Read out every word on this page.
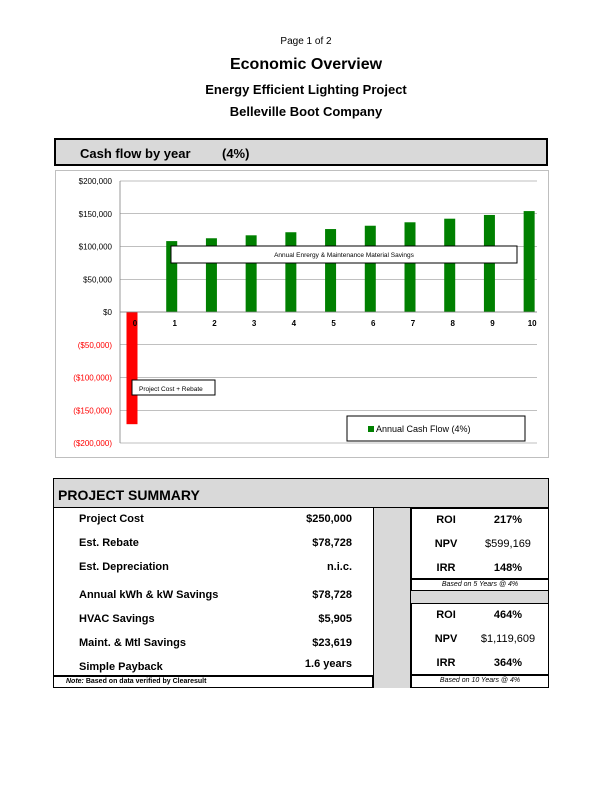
Page 1 of 2
Economic Overview
Energy Efficient Lighting Project
Belleville Boot Company
Cash flow by year (4%)
$200,000
$150,000
$100,000
$50,000
$0
($50,000)
($100,000)
($150,000)
($200,000)
0	1	2	3	4	5	6	7	8	9	10
Annual Enrergy & Maintenance Material Savings
Project Cost + Rebate
Annual Cash Flow (4%)
PROJECT SUMMARY
Project Cost	$250,000
Est. Rebate	$78,728
Est. Depreciation	n.i.c.
Annual kWh & kW Savings	$78,728
HVAC Savings	$5,905
Maint. & Mtl Savings	$23,619
Simple Payback	1.6 years
Note: Based on data verified by Clearesult
ROI	217%
NPV	$599,169
IRR	148%
Based on 5 Years @ 4%
ROI	464%
NPV	$1,119,609
IRR	364%
Based on 10 Years @ 4%
